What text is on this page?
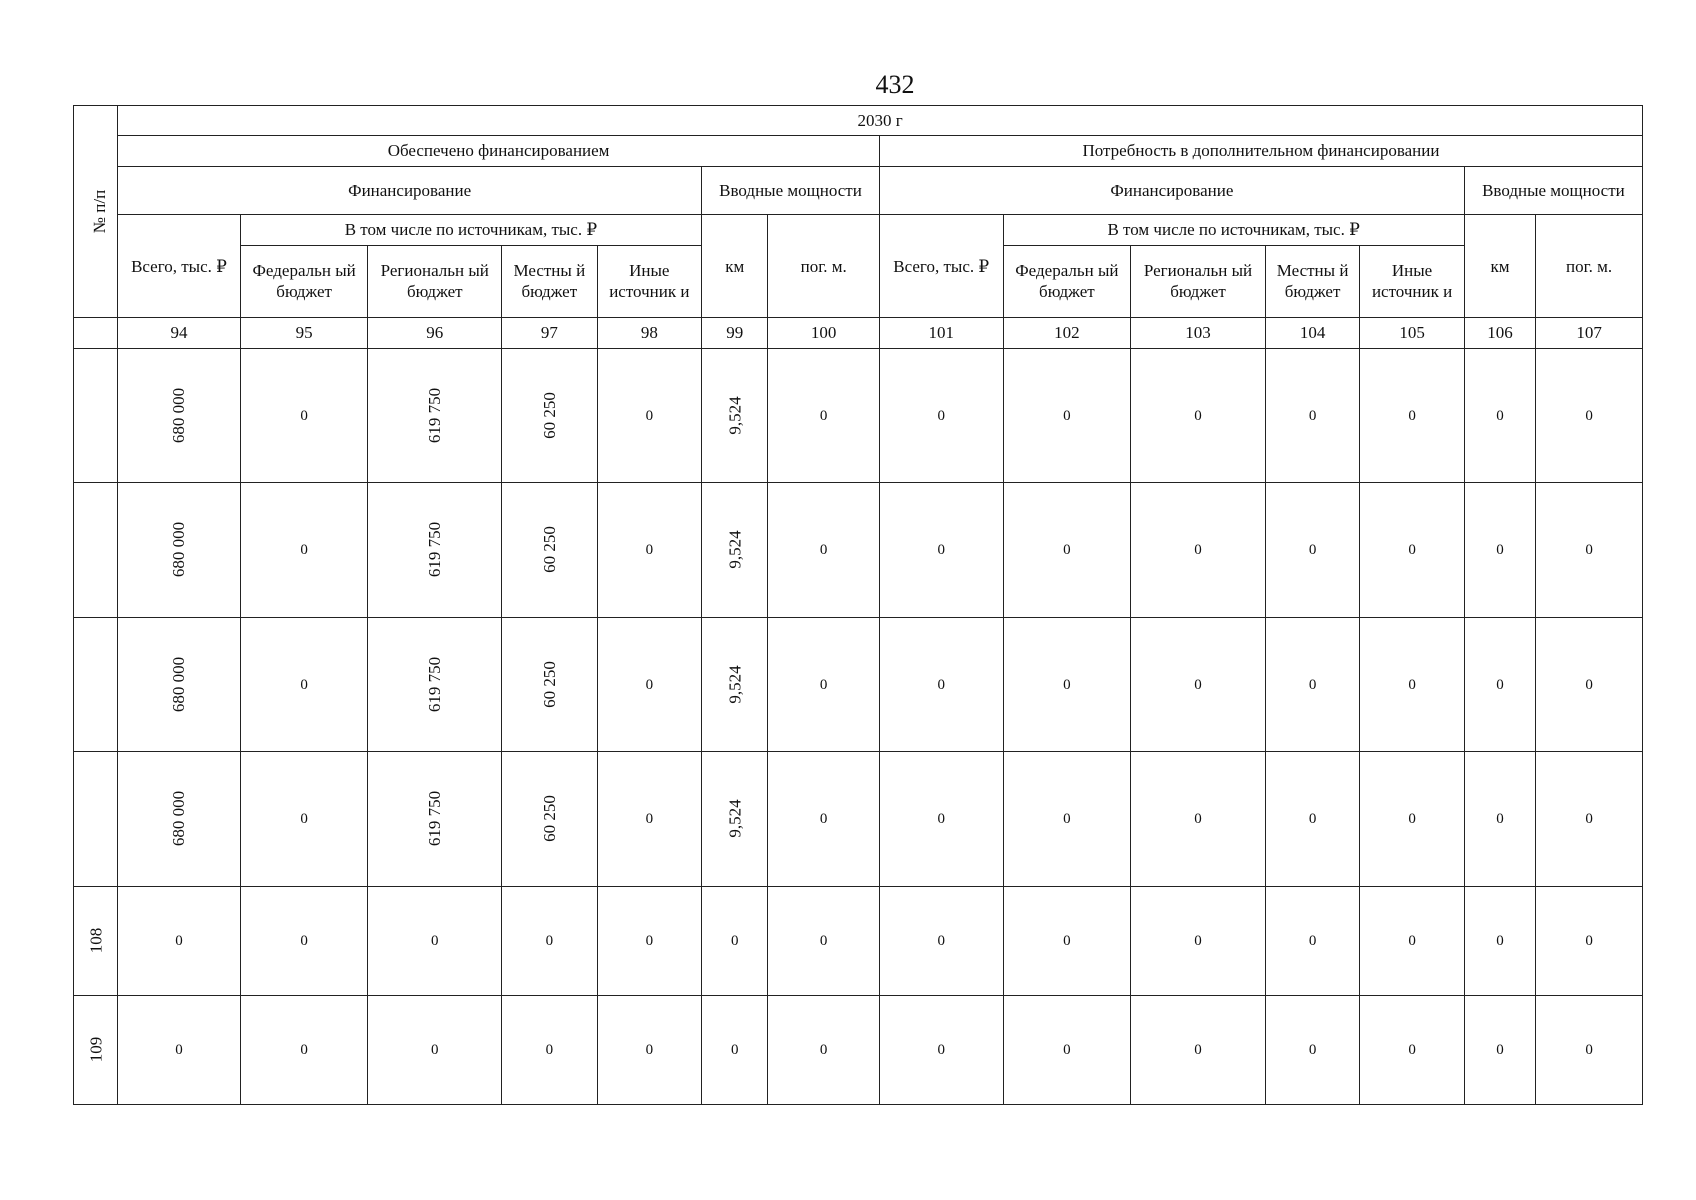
432
№ п/п	2030 г													
	Обеспечено финансированием							Потребность в дополнительном финансировании						
	Финансирование					Вводные мощности		Финансирование					Вводные мощности	
	Всего, тыс. ₽	В том числе по источникам, тыс. ₽				км	пог. м.	Всего, тыс. ₽	В том числе по источникам, тыс. ₽				км	пог. м.
		Федеральн ый бюджет	Региональн ый бюджет	Местны й бюджет	Иные источник и				Федеральн ый бюджет	Региональн ый бюджет	Местны й бюджет	Иные источник и		
	94	95	96	97	98	99	100	101	102	103	104	105	106	107
	680 000	0	619 750	60 250	0	9,524	0	0	0	0	0	0	0	0
	680 000	0	619 750	60 250	0	9,524	0	0	0	0	0	0	0	0
	680 000	0	619 750	60 250	0	9,524	0	0	0	0	0	0	0	0
	680 000	0	619 750	60 250	0	9,524	0	0	0	0	0	0	0	0
108	0	0	0	0	0	0	0	0	0	0	0	0	0	0
109	0	0	0	0	0	0	0	0	0	0	0	0	0	0
